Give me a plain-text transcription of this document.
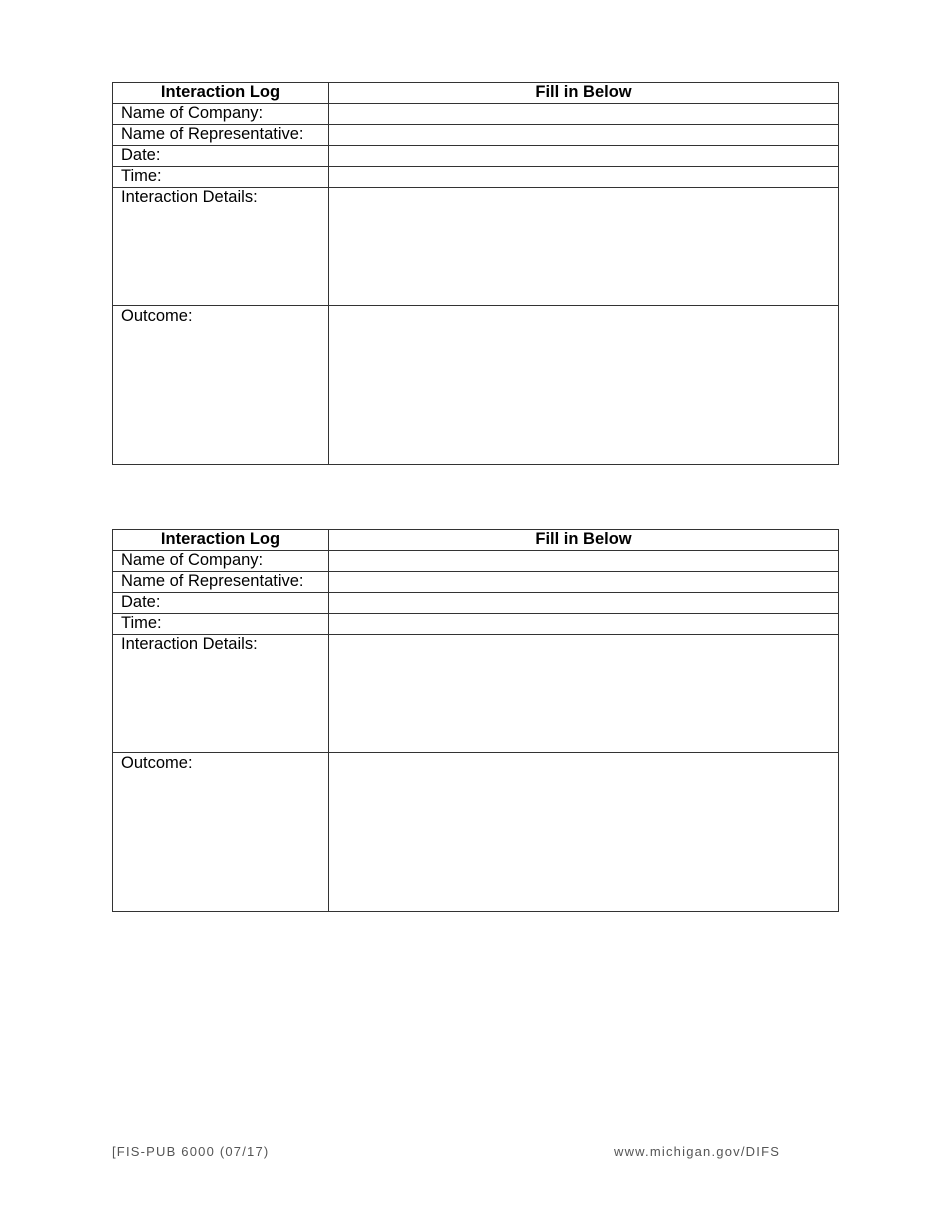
Interaction Log	Fill in Below
Name of Company:	
Name of Representative:	
Date:	
Time:	
Interaction Details:	
Outcome:	
Interaction Log	Fill in Below
Name of Company:	
Name of Representative:	
Date:	
Time:	
Interaction Details:	
Outcome:	
[FIS-PUB 6000 (07/17)	www.michigan.gov/DIFS
